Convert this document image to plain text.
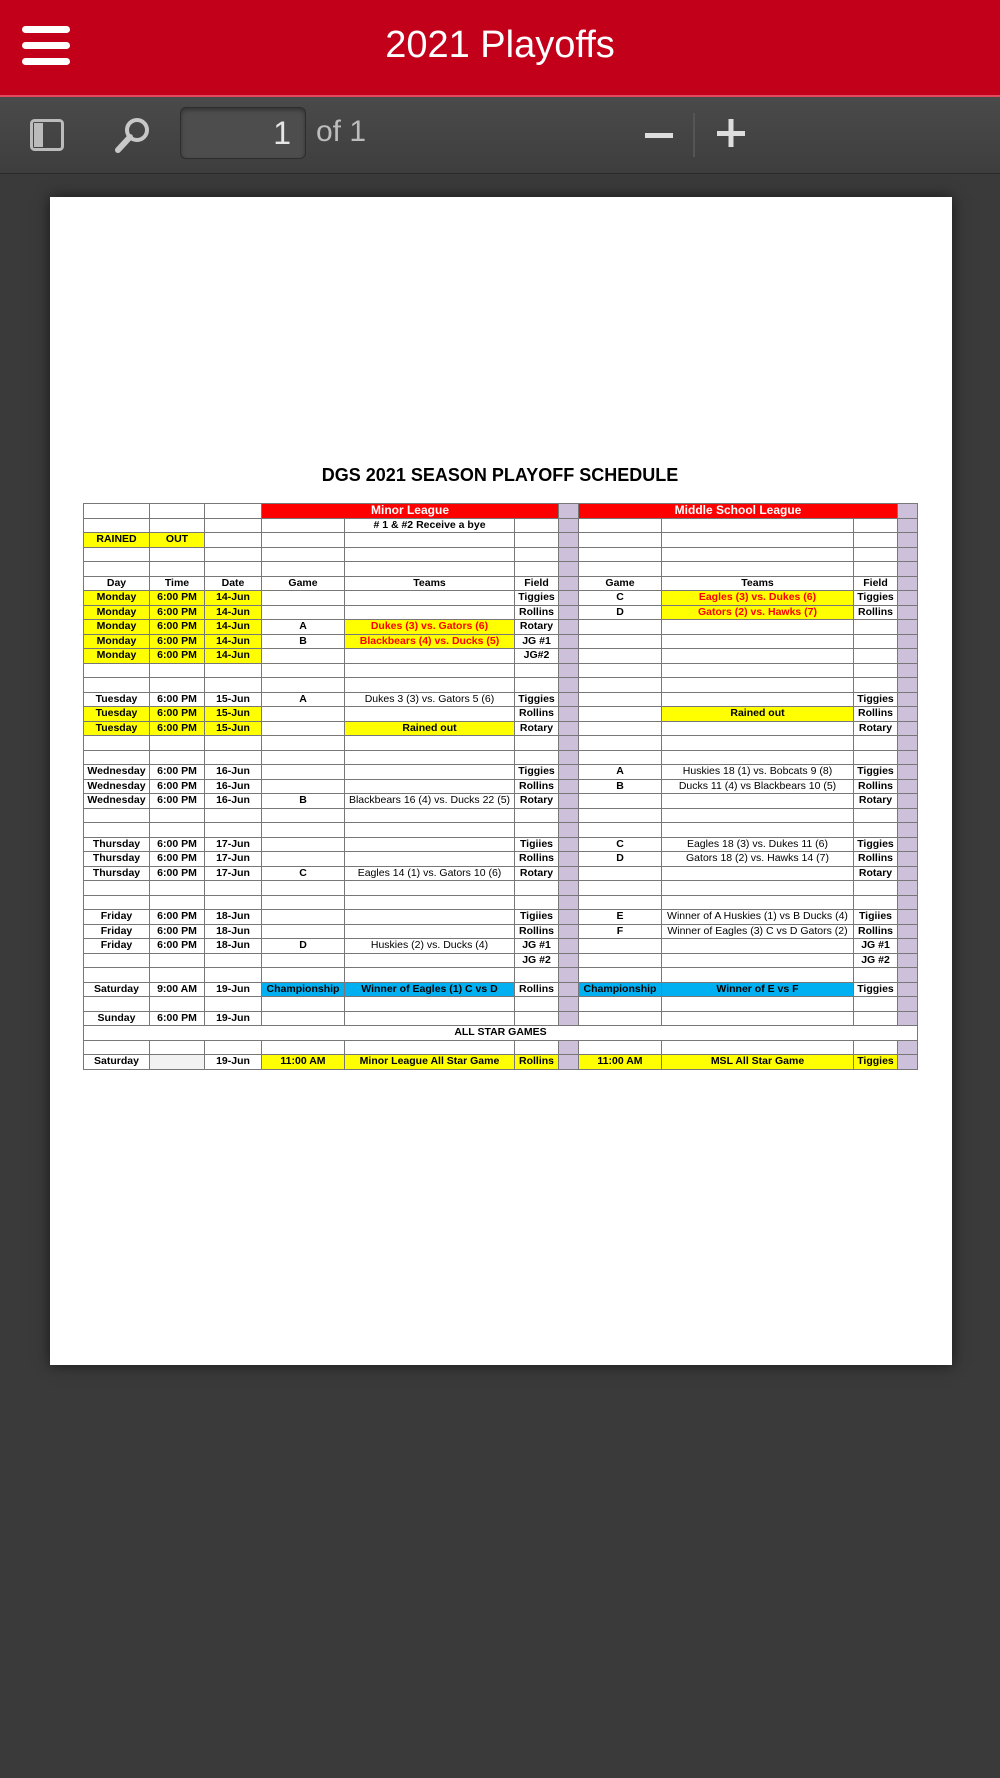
2021 Playoffs
1
of 1
DGS 2021 SEASON PLAYOFF SCHEDULE
			Minor League				Middle School League			
				# 1 & #2 Receive a bye						
RAINED	OUT									

Day	Time	Date	Game	Teams	Field		Game	Teams	Field	
Monday	6:00 PM	14-Jun			Tiggies		C	Eagles (3) vs. Dukes (6)	Tiggies	
Monday	6:00 PM	14-Jun			Rollins		D	Gators (2) vs. Hawks (7)	Rollins	
Monday	6:00 PM	14-Jun	A	Dukes (3) vs. Gators (6)	Rotary					
Monday	6:00 PM	14-Jun	B	Blackbears (4) vs. Ducks (5)	JG #1					
Monday	6:00 PM	14-Jun			JG#2					

Tuesday	6:00 PM	15-Jun	A	Dukes 3 (3) vs. Gators 5 (6)	Tiggies				Tiggies	
Tuesday	6:00 PM	15-Jun			Rollins			Rained out	Rollins	
Tuesday	6:00 PM	15-Jun		Rained out	Rotary				Rotary	

Wednesday	6:00 PM	16-Jun			Tiggies		A	Huskies 18 (1) vs. Bobcats 9 (8)	Tiggies	
Wednesday	6:00 PM	16-Jun			Rollins		B	Ducks 11 (4) vs Blackbears 10 (5)	Rollins	
Wednesday	6:00 PM	16-Jun	B	Blackbears 16 (4) vs. Ducks 22 (5)	Rotary				Rotary	

Thursday	6:00 PM	17-Jun			Tigiies		C	Eagles 18 (3) vs. Dukes 11 (6)	Tiggies	
Thursday	6:00 PM	17-Jun			Rollins		D	Gators 18 (2) vs. Hawks 14 (7)	Rollins	
Thursday	6:00 PM	17-Jun	C	Eagles 14 (1) vs. Gators 10 (6)	Rotary				Rotary	

Friday	6:00 PM	18-Jun			Tigiies		E	Winner of A Huskies (1) vs B Ducks (4)	Tigiies	
Friday	6:00 PM	18-Jun			Rollins		F	Winner of Eagles (3) C vs D Gators (2)	Rollins	
Friday	6:00 PM	18-Jun	D	Huskies (2) vs. Ducks (4)	JG #1				JG #1	
					JG #2				JG #2	

Saturday	9:00 AM	19-Jun	Championship	Winner of Eagles (1) C vs D	Rollins		Championship	Winner of E vs F	Tiggies	

Sunday	6:00 PM	19-Jun								
ALL STAR GAMES										

Saturday		19-Jun	11:00 AM	Minor League All Star Game	Rollins		11:00 AM	MSL All Star Game	Tiggies	
